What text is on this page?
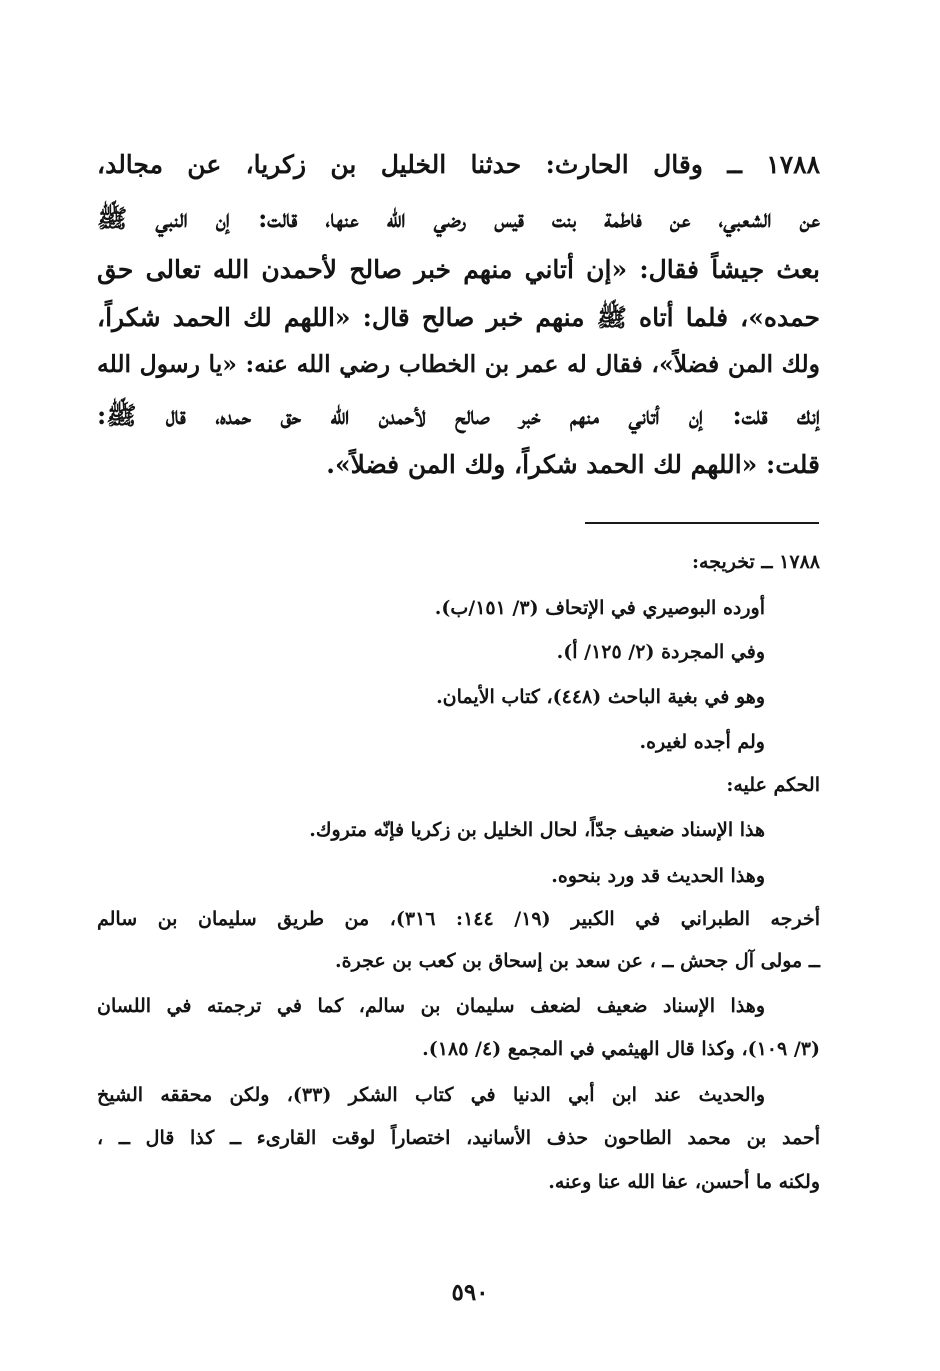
١٧٨٨ ــ وقال الحارث: حدثنا الخليل بن زكريا، عن مجالد،
عن الشعبي، عن فاطمة بنت قيس رضي الله عنها، قالت: إن النبي ﷺ
بعث جيشاً فقال: «إن أتاني منهم خبر صالح لأحمدن الله تعالى حق
حمده»، فلما أتاه ﷺ منهم خبر صالح قال: «اللهم لك الحمد شكراً،
ولك المن فضلاً»، فقال له عمر بن الخطاب رضي الله عنه: «يا رسول الله
إنك قلت: إن أتاني منهم خبر صالح لأحمدن الله حق حمده، قال ﷺ:
قلت: «اللهم لك الحمد شكراً، ولك المن فضلاً».
١٧٨٨ ــ تخريجه:
أورده البوصيري في الإتحاف (٣/ ١٥١/ب).
وفي المجردة (٢/ ١٢٥/ أ).
وهو في بغية الباحث (٤٤٨)، كتاب الأيمان.
ولم أجده لغيره.
الحكم عليه:
هذا الإسناد ضعيف جدّاً، لحال الخليل بن زكريا فإنّه متروك.
وهذا الحديث قد ورد بنحوه.
أخرجه الطبراني في الكبير (١٩/ ١٤٤: ٣١٦)، من طريق سليمان بن سالم
ــ مولى آل جحش ــ ، عن سعد بن إسحاق بن كعب بن عجرة.
وهذا الإسناد ضعيف لضعف سليمان بن سالم، كما في ترجمته في اللسان
(٣/ ١٠٩)، وكذا قال الهيثمي في المجمع (٤/ ١٨٥).
والحديث عند ابن أبي الدنيا في كتاب الشكر (٣٣)، ولكن محققه الشيخ
أحمد بن محمد الطاحون حذف الأسانيد، اختصاراً لوقت القارىء ــ كذا قال ــ ،
ولكنه ما أحسن، عفا الله عنا وعنه.
٥٩٠
